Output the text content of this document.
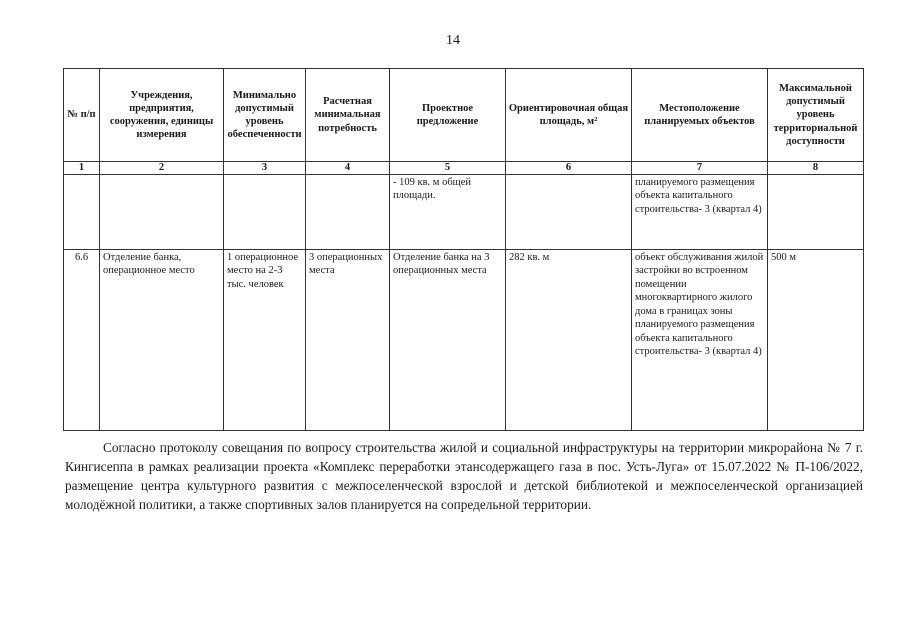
14
№ п/п	Учреждения, предприятия, сооружения, единицы измерения	Минимально допустимый уровень обеспеченности	Расчетная минимальная потребность	Проектное предложение	Ориентировочная общая площадь, м²	Местоположение планируемых объектов	Максимальной допустимый уровень территориальной доступности
1	2	3	4	5	6	7	8
				- 109 кв. м общей площади.		планируемого размещения объекта капитального строительства- 3 (квартал 4)	
6.6	Отделение банка, операционное место	1 операционное место на 2-3 тыс. человек	3 операционных места	Отделение банка на 3 операционных места	282 кв. м	объект обслуживания жилой застройки во встроенном помещении многоквартирного жилого дома в границах зоны планируемого размещения объекта капитального строительства- 3 (квартал 4)	500 м

Согласно протоколу совещания по вопросу строительства жилой и социальной инфраструктуры на территории микрорайона № 7 г. Кингисеппа в рамках реализации проекта «Комплекс переработки этансодержащего газа в пос. Усть-Луга» от 15.07.2022 № П-106/2022, размещение центра культурного развития с межпоселенческой взрослой и детской библиотекой и межпоселенческой организацией молодёжной политики, а также спортивных залов планируется на сопредельной территории.
